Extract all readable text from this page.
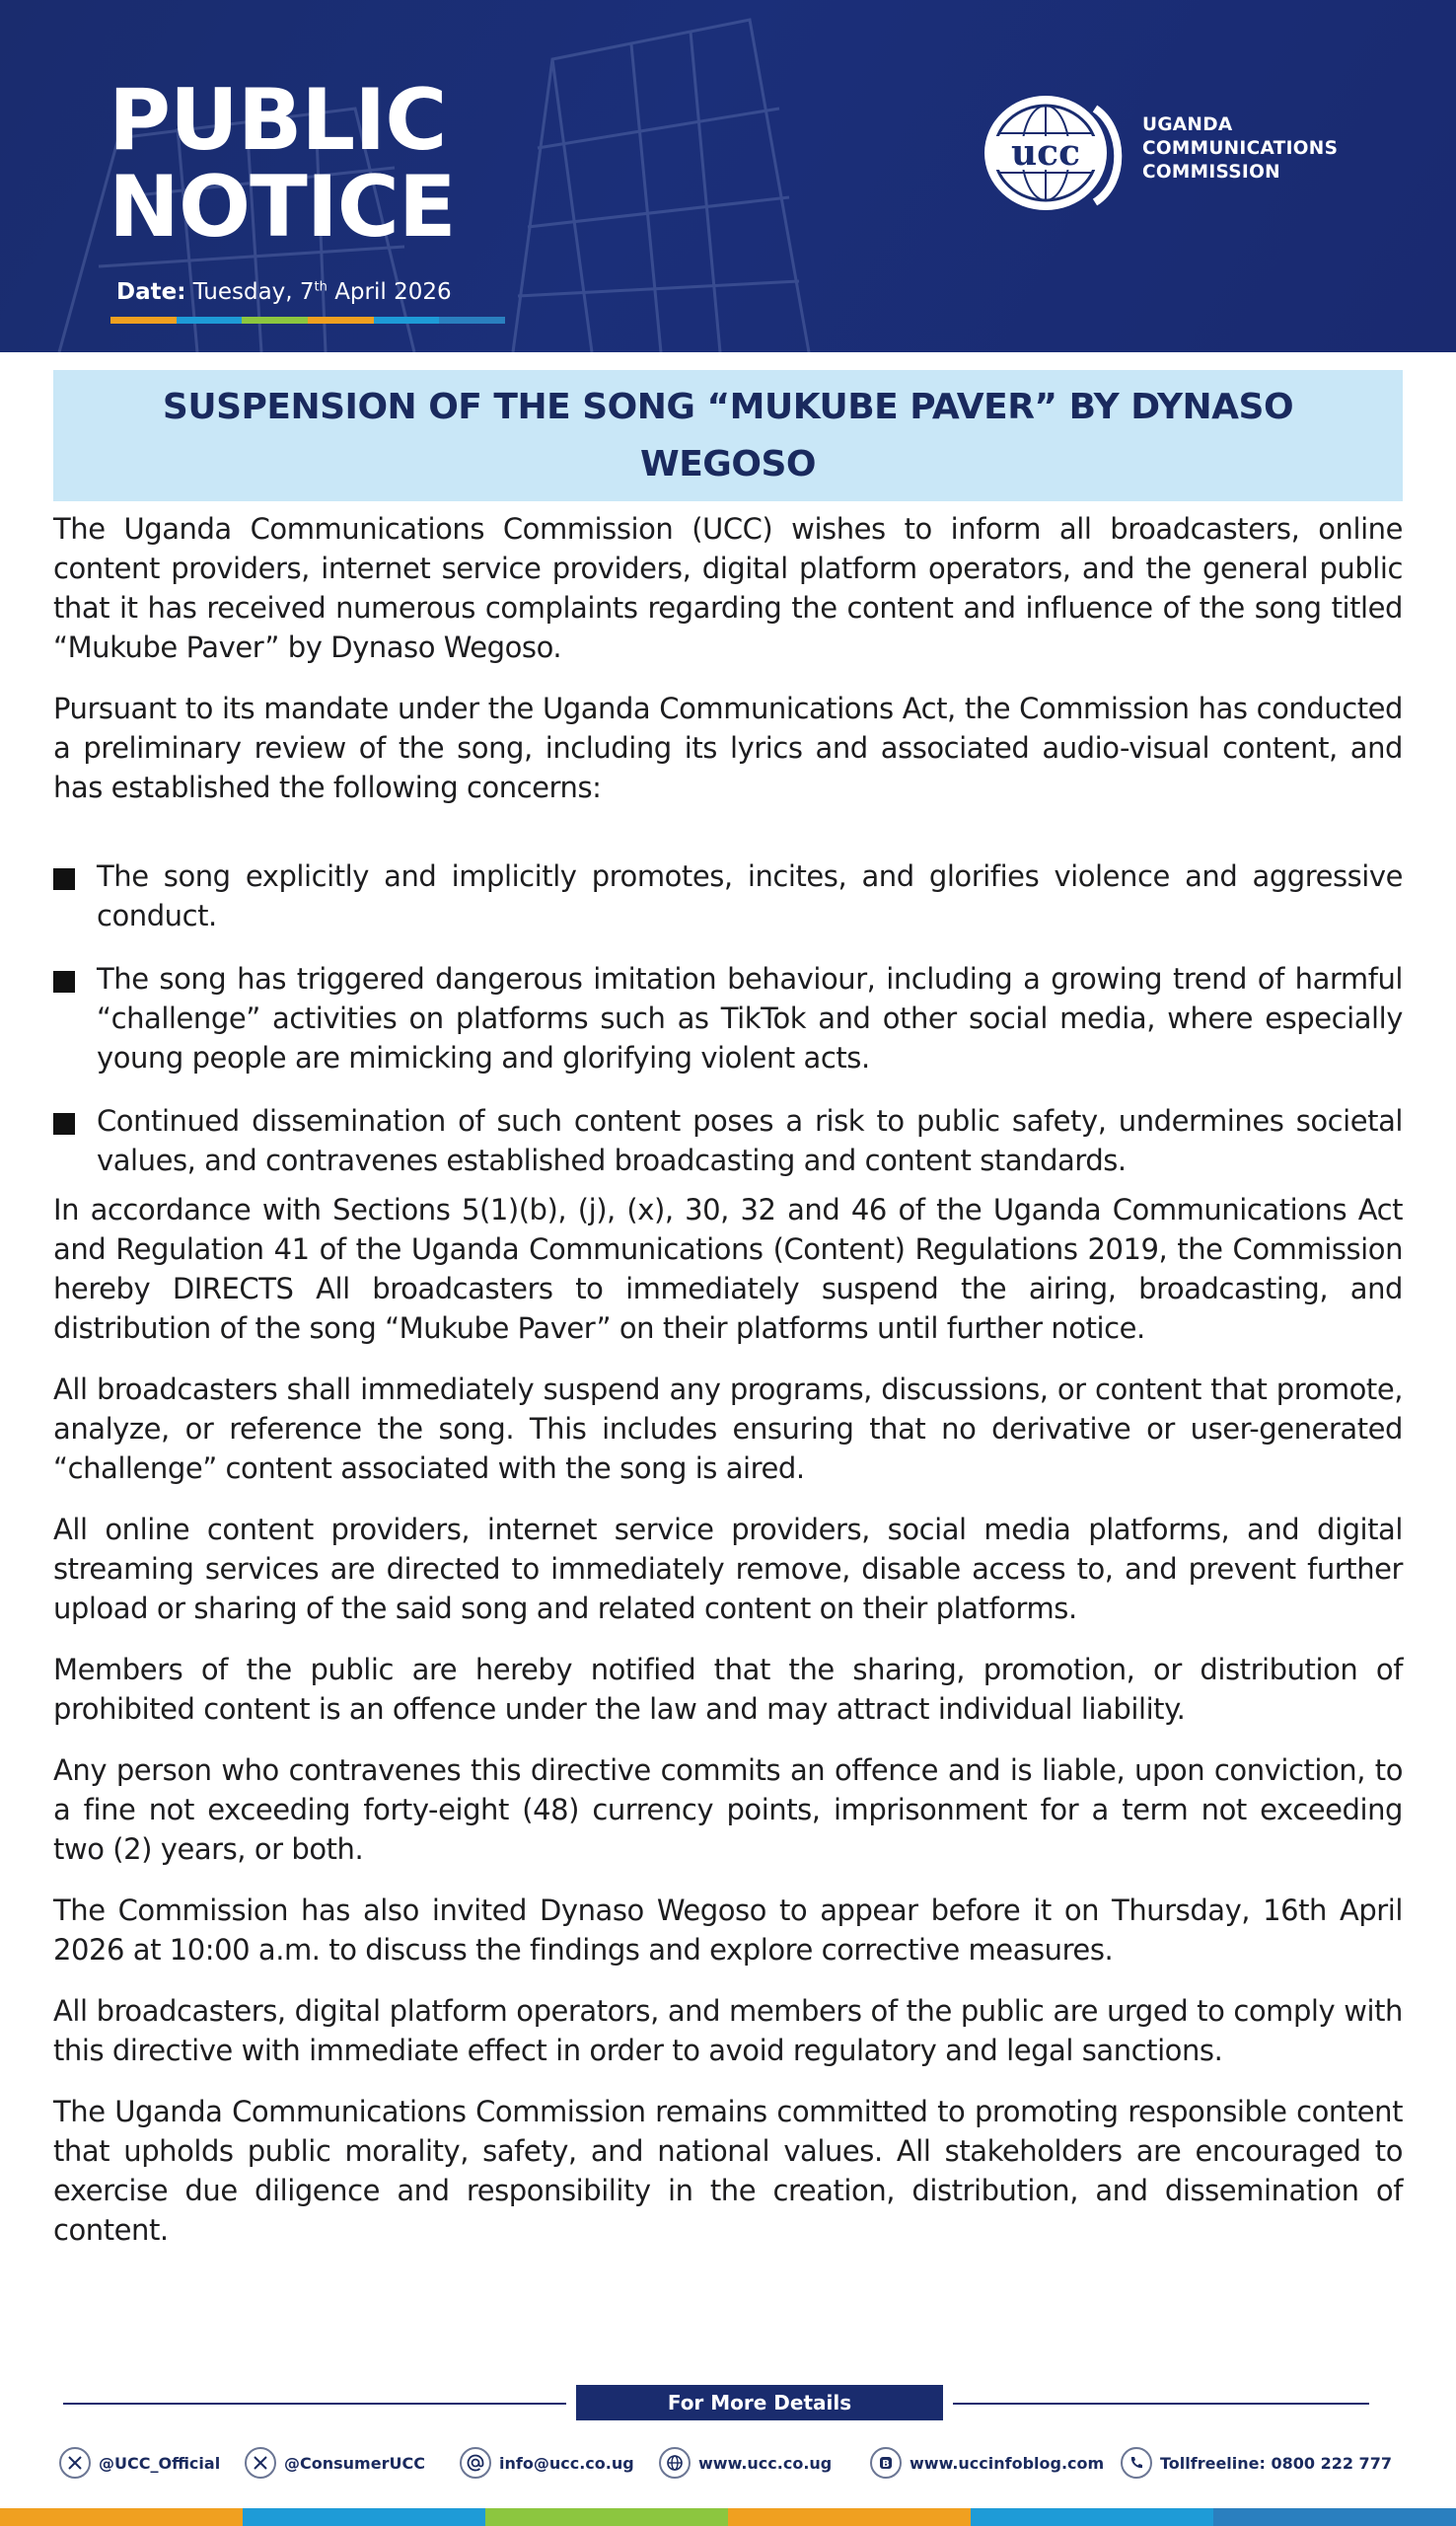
PUBLIC
NOTICE
Date: Tuesday, 7th April 2026
ucc
UGANDA
COMMUNICATIONS
COMMISSION
SUSPENSION OF THE SONG “MUKUBE PAVER” BY DYNASO WEGOSO

The Uganda Communications Commission (UCC) wishes to inform all broadcasters, online content providers, internet service providers, digital platform operators, and the general public that it has received numerous complaints regarding the content and influence of the song titled “Mukube Paver” by Dynaso Wegoso.

Pursuant to its mandate under the Uganda Communications Act, the Commission has conducted a preliminary review of the song, including its lyrics and associated audio-visual content, and has established the following concerns:

The song explicitly and implicitly promotes, incites, and glorifies violence and aggressive conduct.
The song has triggered dangerous imitation behaviour, including a growing trend of harmful “challenge” activities on platforms such as TikTok and other social media, where especially young people are mimicking and glorifying violent acts.
Continued dissemination of such content poses a risk to public safety, undermines societal values, and contravenes established broadcasting and content standards.

In accordance with Sections 5(1)(b), (j), (x), 30, 32 and 46 of the Uganda Communications Act and Regulation 41 of the Uganda Communications (Content) Regulations 2019, the Commission hereby DIRECTS All broadcasters to immediately suspend the airing, broadcasting, and distribution of the song “Mukube Paver” on their platforms until further notice.

All broadcasters shall immediately suspend any programs, discussions, or content that promote, analyze, or reference the song. This includes ensuring that no derivative or user-generated “challenge” content associated with the song is aired.

All online content providers, internet service providers, social media platforms, and digital streaming services are directed to immediately remove, disable access to, and prevent further upload or sharing of the said song and related content on their platforms.

Members of the public are hereby notified that the sharing, promotion, or distribution of prohibited content is an offence under the law and may attract individual liability.

Any person who contravenes this directive commits an offence and is liable, upon conviction, to a fine not exceeding forty-eight (48) currency points, imprisonment for a term not exceeding two (2) years, or both.

The Commission has also invited Dynaso Wegoso to appear before it on Thursday, 16th April 2026 at 10:00 a.m. to discuss the findings and explore corrective measures.

All broadcasters, digital platform operators, and members of the public are urged to comply with this directive with immediate effect in order to avoid regulatory and legal sanctions.

The Uganda Communications Commission remains committed to promoting responsible content that upholds public morality, safety, and national values. All stakeholders are encouraged to exercise due diligence and responsibility in the creation, distribution, and dissemination of content.

For More Details
@UCC_Official	@ConsumerUCC	info@ucc.co.ug	www.ucc.co.ug	B www.uccinfoblog.com	Tollfreeline: 0800 222 777
